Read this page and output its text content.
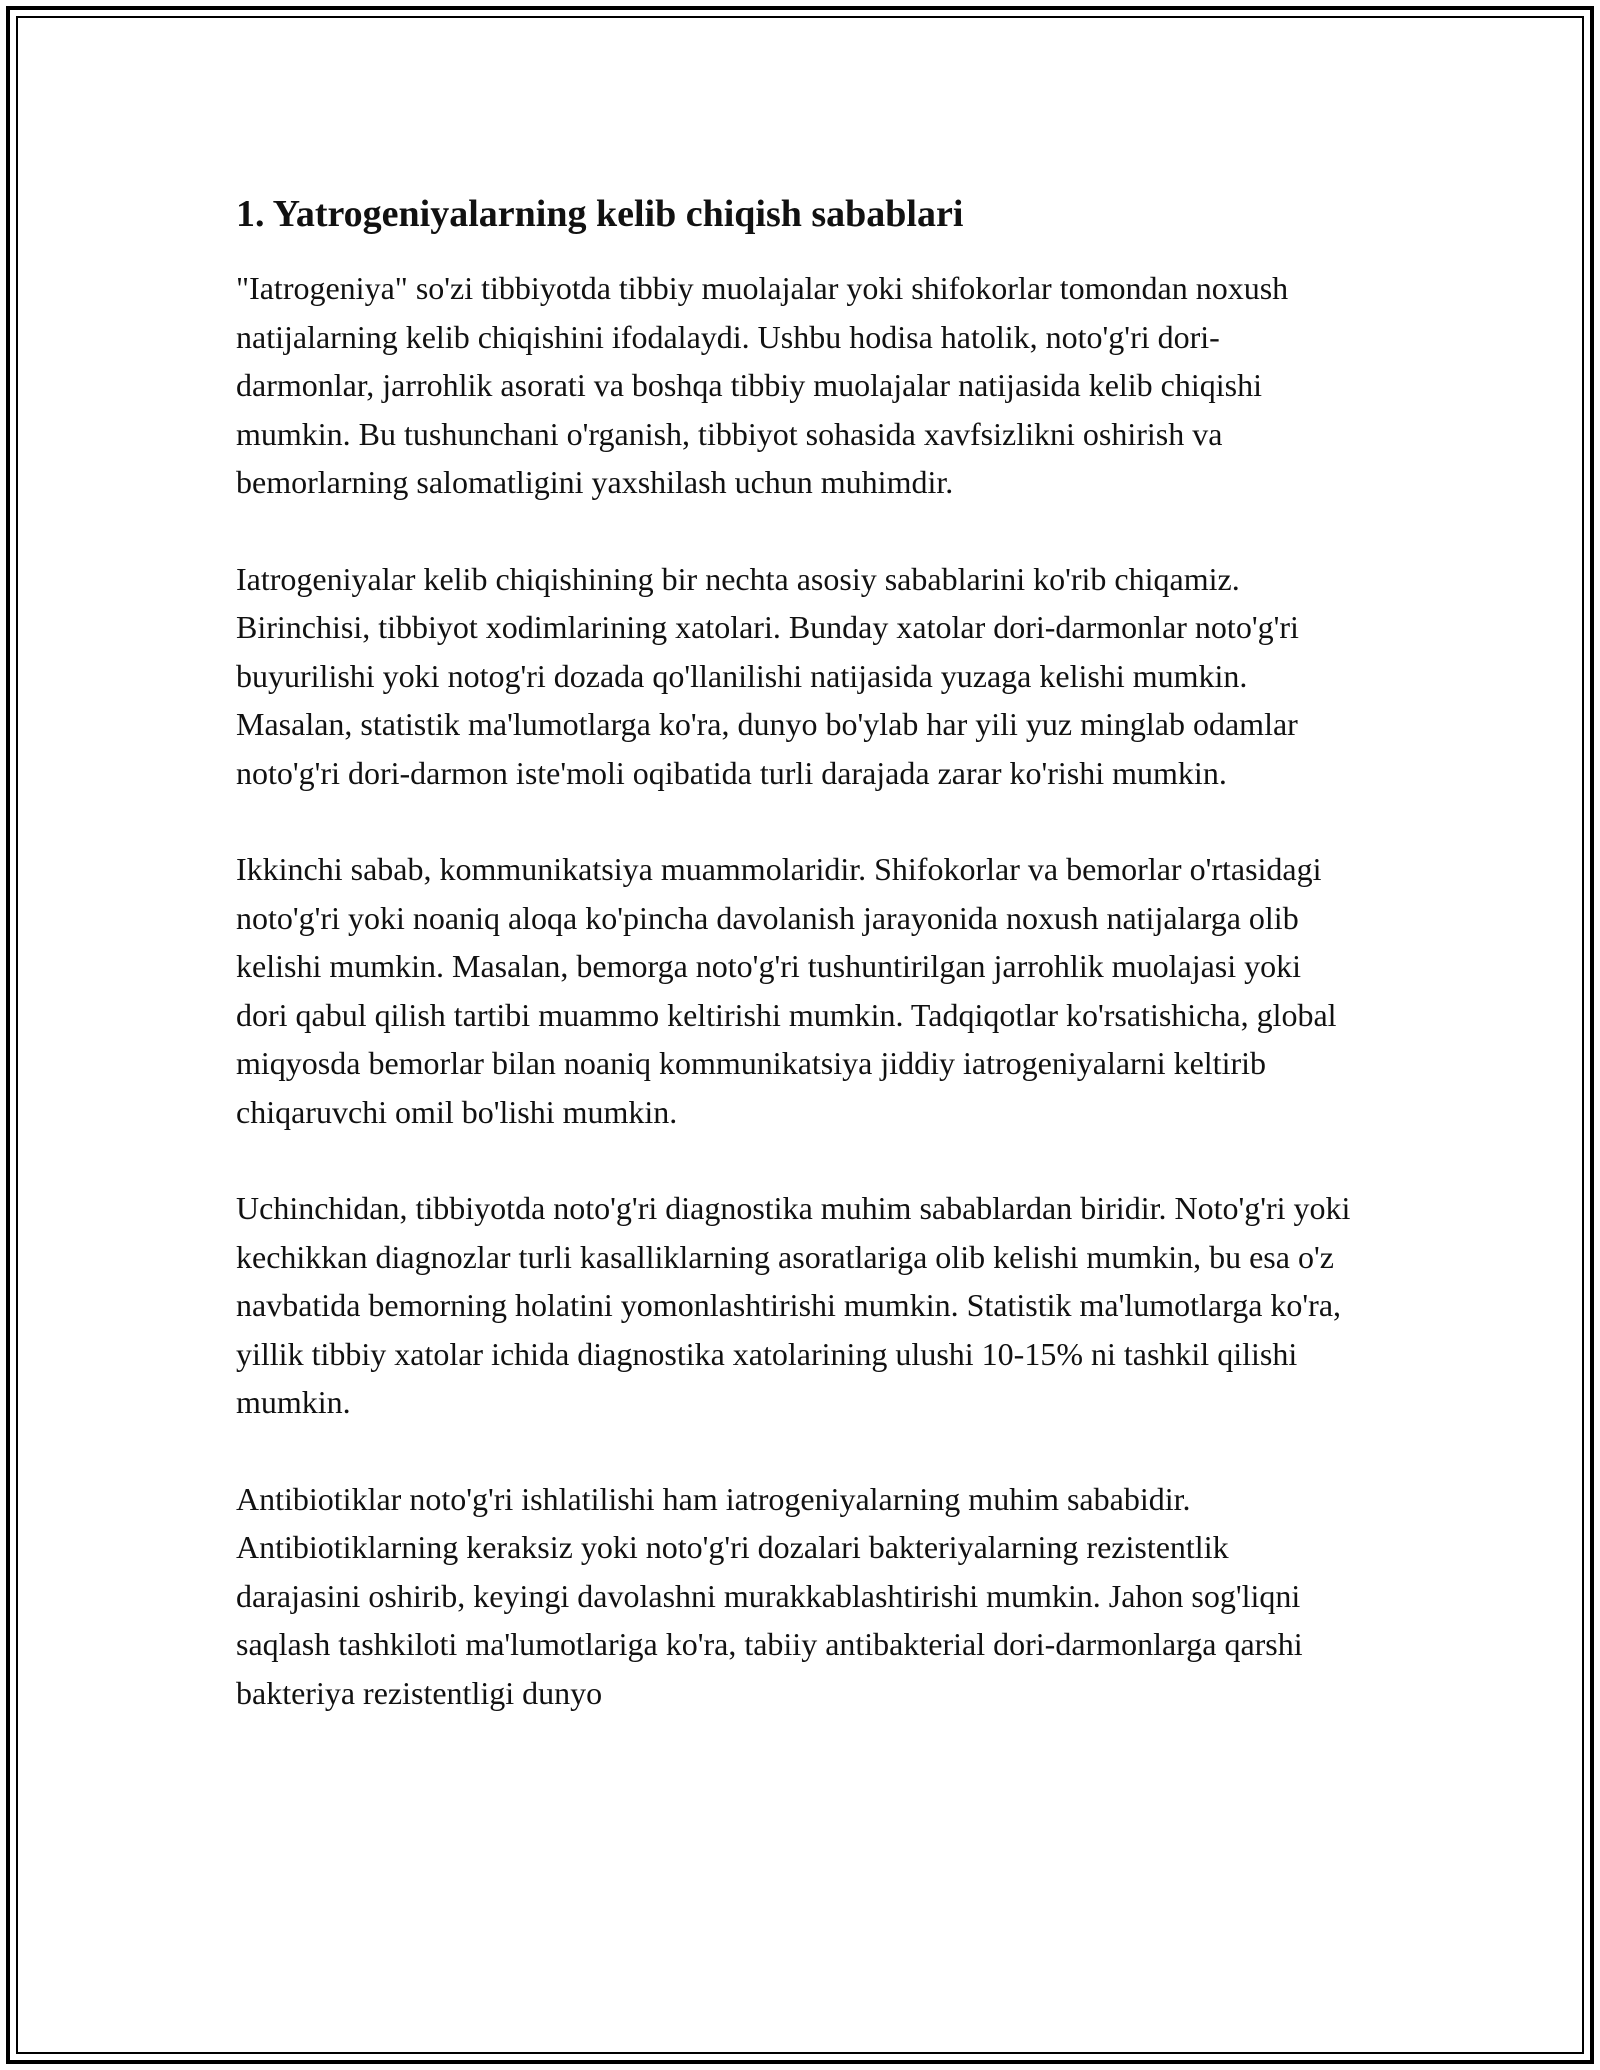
1. Yatrogeniyalarning kelib chiqish sabablari

"Iatrogeniya" so'zi tibbiyotda tibbiy muolajalar yoki shifokorlar tomondan noxush natijalarning kelib chiqishini ifodalaydi. Ushbu hodisa hatolik, noto'g'ri dori-darmonlar, jarrohlik asorati va boshqa tibbiy muolajalar natijasida kelib chiqishi mumkin. Bu tushunchani o'rganish, tibbiyot sohasida xavfsizlikni oshirish va bemorlarning salomatligini yaxshilash uchun muhimdir.

Iatrogeniyalar kelib chiqishining bir nechta asosiy sabablarini ko'rib chiqamiz. Birinchisi, tibbiyot xodimlarining xatolari. Bunday xatolar dori-darmonlar noto'g'ri buyurilishi yoki notog'ri dozada qo'llanilishi natijasida yuzaga kelishi mumkin. Masalan, statistik ma'lumotlarga ko'ra, dunyo bo'ylab har yili yuz minglab odamlar noto'g'ri dori-darmon iste'moli oqibatida turli darajada zarar ko'rishi mumkin.

Ikkinchi sabab, kommunikatsiya muammolaridir. Shifokorlar va bemorlar o'rtasidagi noto'g'ri yoki noaniq aloqa ko'pincha davolanish jarayonida noxush natijalarga olib kelishi mumkin. Masalan, bemorga noto'g'ri tushuntirilgan jarrohlik muolajasi yoki dori qabul qilish tartibi muammo keltirishi mumkin. Tadqiqotlar ko'rsatishicha, global miqyosda bemorlar bilan noaniq kommunikatsiya jiddiy iatrogeniyalarni keltirib chiqaruvchi omil bo'lishi mumkin.

Uchinchidan, tibbiyotda noto'g'ri diagnostika muhim sabablardan biridir. Noto'g'ri yoki kechikkan diagnozlar turli kasalliklarning asoratlariga olib kelishi mumkin, bu esa o'z navbatida bemorning holatini yomonlashtirishi mumkin. Statistik ma'lumotlarga ko'ra, yillik tibbiy xatolar ichida diagnostika xatolarining ulushi 10-15% ni tashkil qilishi mumkin.

Antibiotiklar noto'g'ri ishlatilishi ham iatrogeniyalarning muhim sababidir. Antibiotiklarning keraksiz yoki noto'g'ri dozalari bakteriyalarning rezistentlik darajasini oshirib, keyingi davolashni murakkablashtirishi mumkin. Jahon sog'liqni saqlash tashkiloti ma'lumotlariga ko'ra, tabiiy antibakterial dori-darmonlarga qarshi bakteriya rezistentligi dunyo
